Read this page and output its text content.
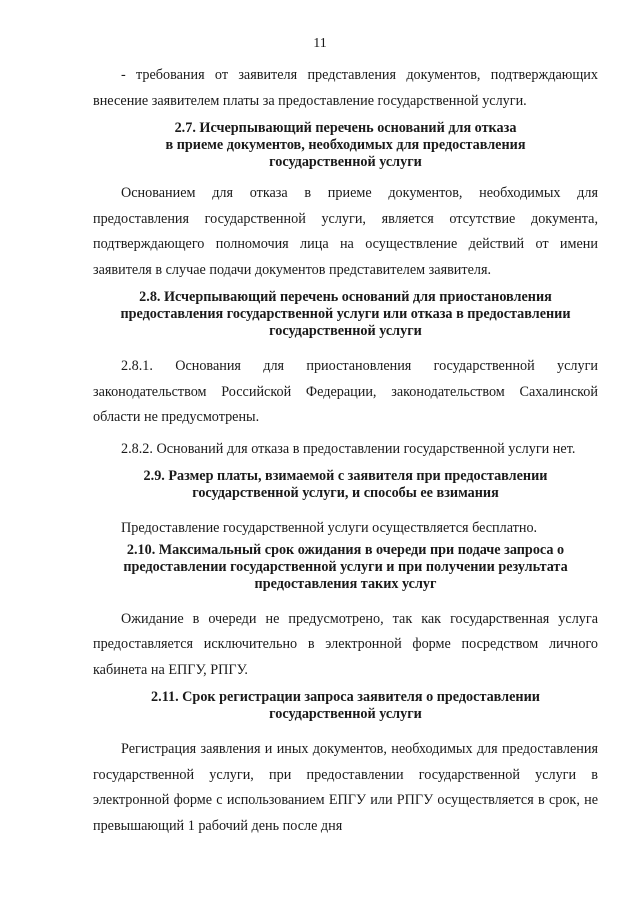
11

- требования от заявителя представления документов, подтверждающих внесение заявителем платы за предоставление государственной услуги.

2.7. Исчерпывающий перечень оснований для отказа
в приеме документов, необходимых для предоставления
государственной услуги

Основанием для отказа в приеме документов, необходимых для предоставления государственной услуги, является отсутствие документа, подтверждающего полномочия лица на осуществление действий от имени заявителя в случае подачи документов представителем заявителя.

2.8. Исчерпывающий перечень оснований для приостановления
предоставления государственной услуги или отказа в предоставлении
государственной услуги

2.8.1. Основания для приостановления государственной услуги законодательством Российской Федерации, законодательством Сахалинской области не предусмотрены.

2.8.2. Оснований для отказа в предоставлении государственной услуги нет.

2.9. Размер платы, взимаемой с заявителя при предоставлении
государственной услуги, и способы ее взимания

Предоставление государственной услуги осуществляется бесплатно.

2.10. Максимальный срок ожидания в очереди при подаче запроса о
предоставлении государственной услуги и при получении результата
предоставления таких услуг

Ожидание в очереди не предусмотрено, так как государственная услуга предоставляется исключительно в электронной форме посредством личного кабинета на ЕПГУ, РПГУ.

2.11. Срок регистрации запроса заявителя о предоставлении
государственной услуги

Регистрация заявления и иных документов, необходимых для предоставления государственной услуги, при предоставлении государственной услуги в электронной форме с использованием ЕПГУ или РПГУ осуществляется в срок, не превышающий 1 рабочий день после дня
